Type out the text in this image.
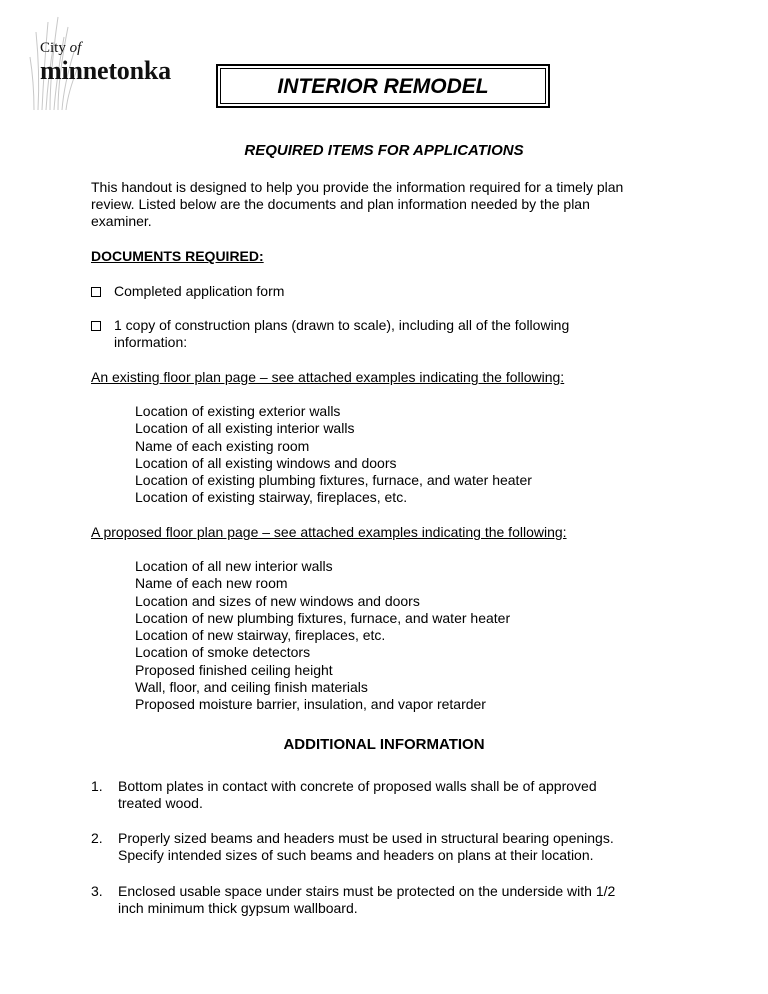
City of
minnetonka
INTERIOR REMODEL
REQUIRED ITEMS FOR APPLICATIONS
This handout is designed to help you provide the information required for a timely plan
review. Listed below are the documents and plan information needed by the plan
examiner.
DOCUMENTS REQUIRED:
Completed application form
1 copy of construction plans (drawn to scale), including all of the following
information:
An existing floor plan page – see attached examples indicating the following:
Location of existing exterior walls
Location of all existing interior walls
Name of each existing room
Location of all existing windows and doors
Location of existing plumbing fixtures, furnace, and water heater
Location of existing stairway, fireplaces, etc.
A proposed floor plan page – see attached examples indicating the following:
Location of all new interior walls
Name of each new room
Location and sizes of new windows and doors
Location of new plumbing fixtures, furnace, and water heater
Location of new stairway, fireplaces, etc.
Location of smoke detectors
Proposed finished ceiling height
Wall, floor, and ceiling finish materials
Proposed moisture barrier, insulation, and vapor retarder
ADDITIONAL INFORMATION
1. Bottom plates in contact with concrete of proposed walls shall be of approved
treated wood.
2. Properly sized beams and headers must be used in structural bearing openings.
Specify intended sizes of such beams and headers on plans at their location.
3. Enclosed usable space under stairs must be protected on the underside with 1/2
inch minimum thick gypsum wallboard.
